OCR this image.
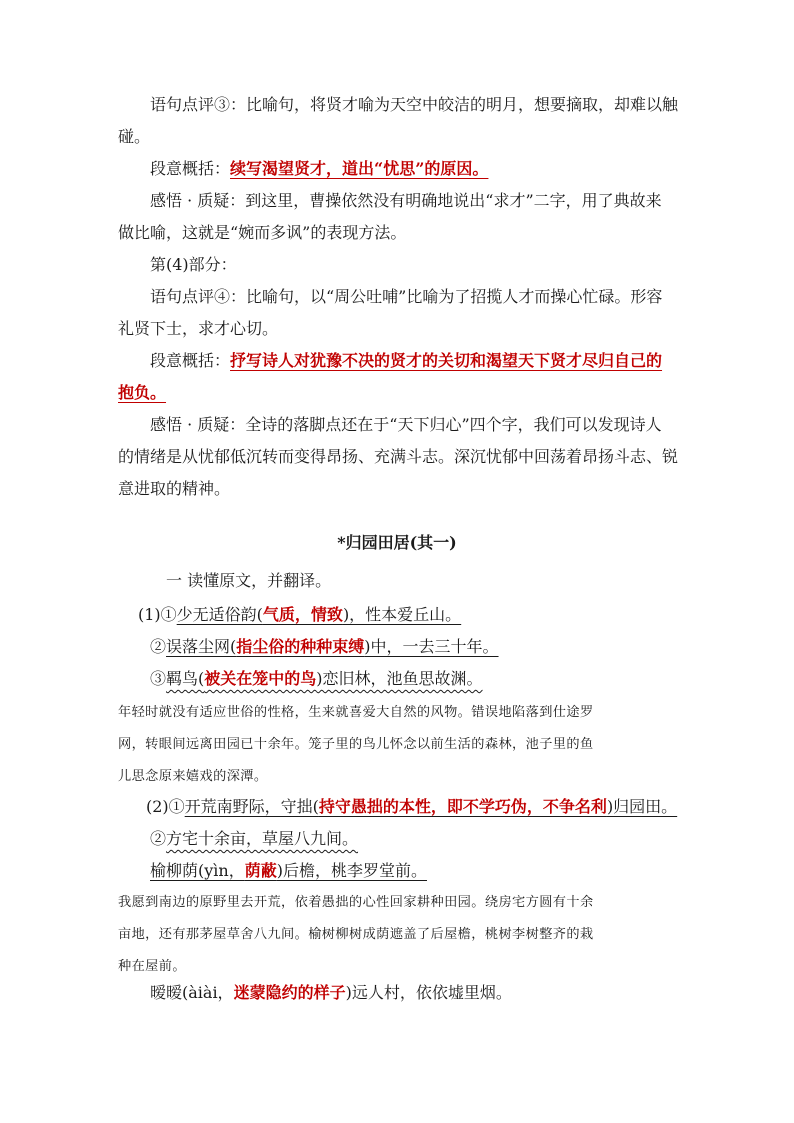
语句点评③：比喻句，将贤才喻为天空中皎洁的明月，想要摘取，却难以触
碰。
段意概括：续写渴望贤才，道出“忧思”的原因。
感悟 · 质疑：到这里，曹操依然没有明确地说出“求才”二字，用了典故来
做比喻，这就是“婉而多讽”的表现方法。
第(4)部分：
语句点评④：比喻句，以“周公吐哺”比喻为了招揽人才而操心忙碌。形容
礼贤下士，求才心切。
段意概括：抒写诗人对犹豫不决的贤才的关切和渴望天下贤才尽归自己的
抱负。
感悟 · 质疑：全诗的落脚点还在于“天下归心”四个字，我们可以发现诗人
的情绪是从忧郁低沉转而变得昂扬、充满斗志。深沉忧郁中回荡着昂扬斗志、锐
意进取的精神。
*归园田居(其一)
一 读懂原文，并翻译。
(1)①少无适俗韵(气质，情致)，性本爱丘山。
②误落尘网(指尘俗的种种束缚)中，一去三十年。
③羁鸟(被关在笼中的鸟)恋旧林，池鱼思故渊。
年轻时就没有适应世俗的性格，生来就喜爱大自然的风物。错误地陷落到仕途罗
网，转眼间远离田园已十余年。笼子里的鸟儿怀念以前生活的森林，池子里的鱼
儿思念原来嬉戏的深潭。
(2)①开荒南野际，守拙(持守愚拙的本性，即不学巧伪，不争名利)归园田。
②方宅十余亩，草屋八九间。
榆柳荫(yìn，荫蔽)后檐，桃李罗堂前。
我愿到南边的原野里去开荒，依着愚拙的心性回家耕种田园。绕房宅方圆有十余
亩地，还有那茅屋草舍八九间。榆树柳树成荫遮盖了后屋檐，桃树李树整齐的栽
种在屋前。
暧暧(àiài，迷蒙隐约的样子)远人村，依依墟里烟。
